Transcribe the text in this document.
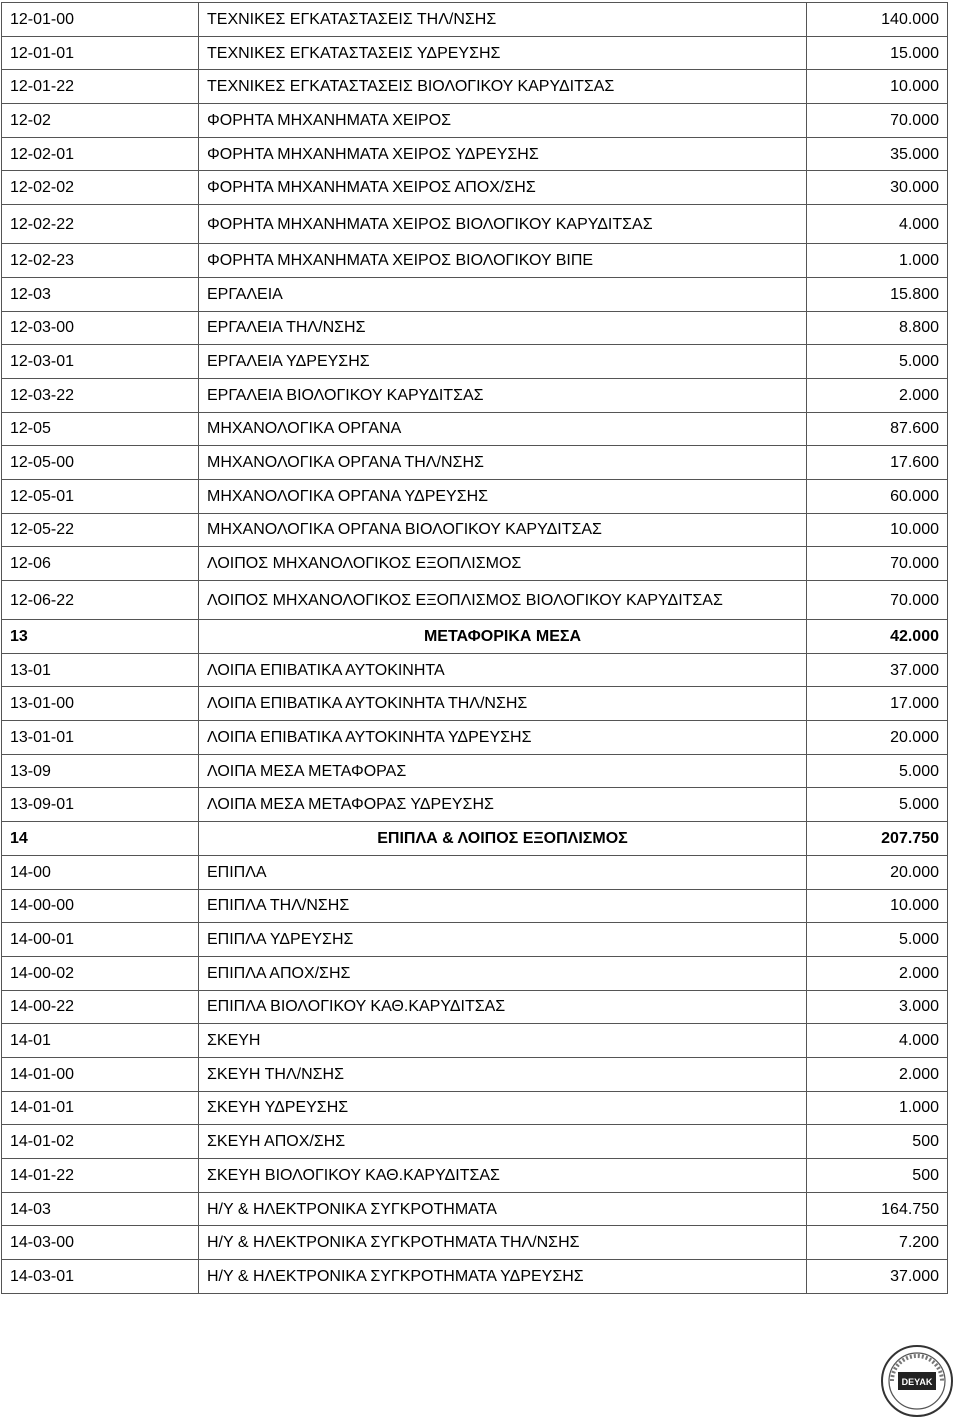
12-01-00	ΤΕΧΝΙΚΕΣ ΕΓΚΑΤΑΣΤΑΣΕΙΣ ΤΗΛ/ΝΣΗΣ	140.000
12-01-01	ΤΕΧΝΙΚΕΣ ΕΓΚΑΤΑΣΤΑΣΕΙΣ ΥΔΡΕΥΣΗΣ	15.000
12-01-22	ΤΕΧΝΙΚΕΣ ΕΓΚΑΤΑΣΤΑΣΕΙΣ ΒΙΟΛΟΓΙΚΟΥ ΚΑΡΥΔΙΤΣΑΣ	10.000
12-02	ΦΟΡΗΤΑ ΜΗΧΑΝΗΜΑΤΑ ΧΕΙΡΟΣ	70.000
12-02-01	ΦΟΡΗΤΑ ΜΗΧΑΝΗΜΑΤΑ ΧΕΙΡΟΣ ΥΔΡΕΥΣΗΣ	35.000
12-02-02	ΦΟΡΗΤΑ ΜΗΧΑΝΗΜΑΤΑ ΧΕΙΡΟΣ ΑΠΟΧ/ΣΗΣ	30.000
12-02-22	ΦΟΡΗΤΑ ΜΗΧΑΝΗΜΑΤΑ ΧΕΙΡΟΣ ΒΙΟΛΟΓΙΚΟΥ ΚΑΡΥΔΙΤΣΑΣ	4.000
12-02-23	ΦΟΡΗΤΑ ΜΗΧΑΝΗΜΑΤΑ ΧΕΙΡΟΣ ΒΙΟΛΟΓΙΚΟΥ ΒΙΠΕ	1.000
12-03	ΕΡΓΑΛΕΙΑ	15.800
12-03-00	ΕΡΓΑΛΕΙΑ ΤΗΛ/ΝΣΗΣ	8.800
12-03-01	ΕΡΓΑΛΕΙΑ ΥΔΡΕΥΣΗΣ	5.000
12-03-22	ΕΡΓΑΛΕΙΑ ΒΙΟΛΟΓΙΚΟΥ ΚΑΡΥΔΙΤΣΑΣ	2.000
12-05	ΜΗΧΑΝΟΛΟΓΙΚΑ ΟΡΓΑΝΑ	87.600
12-05-00	ΜΗΧΑΝΟΛΟΓΙΚΑ ΟΡΓΑΝΑ ΤΗΛ/ΝΣΗΣ	17.600
12-05-01	ΜΗΧΑΝΟΛΟΓΙΚΑ ΟΡΓΑΝΑ ΥΔΡΕΥΣΗΣ	60.000
12-05-22	ΜΗΧΑΝΟΛΟΓΙΚΑ ΟΡΓΑΝΑ ΒΙΟΛΟΓΙΚΟΥ ΚΑΡΥΔΙΤΣΑΣ	10.000
12-06	ΛΟΙΠΟΣ ΜΗΧΑΝΟΛΟΓΙΚΟΣ ΕΞΟΠΛΙΣΜΟΣ	70.000
12-06-22	ΛΟΙΠΟΣ ΜΗΧΑΝΟΛΟΓΙΚΟΣ ΕΞΟΠΛΙΣΜΟΣ ΒΙΟΛΟΓΙΚΟΥ ΚΑΡΥΔΙΤΣΑΣ	70.000
13	ΜΕΤΑΦΟΡΙΚΑ ΜΕΣΑ	42.000
13-01	ΛΟΙΠΑ ΕΠΙΒΑΤΙΚΑ ΑΥΤΟΚΙΝΗΤΑ	37.000
13-01-00	ΛΟΙΠΑ ΕΠΙΒΑΤΙΚΑ ΑΥΤΟΚΙΝΗΤΑ ΤΗΛ/ΝΣΗΣ	17.000
13-01-01	ΛΟΙΠΑ ΕΠΙΒΑΤΙΚΑ ΑΥΤΟΚΙΝΗΤΑ ΥΔΡΕΥΣΗΣ	20.000
13-09	ΛΟΙΠΑ ΜΕΣΑ ΜΕΤΑΦΟΡΑΣ	5.000
13-09-01	ΛΟΙΠΑ ΜΕΣΑ ΜΕΤΑΦΟΡΑΣ ΥΔΡΕΥΣΗΣ	5.000
14	ΕΠΙΠΛΑ & ΛΟΙΠΟΣ ΕΞΟΠΛΙΣΜΟΣ	207.750
14-00	ΕΠΙΠΛΑ	20.000
14-00-00	ΕΠΙΠΛΑ ΤΗΛ/ΝΣΗΣ	10.000
14-00-01	ΕΠΙΠΛΑ ΥΔΡΕΥΣΗΣ	5.000
14-00-02	ΕΠΙΠΛΑ ΑΠΟΧ/ΣΗΣ	2.000
14-00-22	ΕΠΙΠΛΑ ΒΙΟΛΟΓΙΚΟΥ ΚΑΘ.ΚΑΡΥΔΙΤΣΑΣ	3.000
14-01	ΣΚΕΥΗ	4.000
14-01-00	ΣΚΕΥΗ ΤΗΛ/ΝΣΗΣ	2.000
14-01-01	ΣΚΕΥΗ ΥΔΡΕΥΣΗΣ	1.000
14-01-02	ΣΚΕΥΗ ΑΠΟΧ/ΣΗΣ	500
14-01-22	ΣΚΕΥΗ ΒΙΟΛΟΓΙΚΟΥ ΚΑΘ.ΚΑΡΥΔΙΤΣΑΣ	500
14-03	Η/Υ & ΗΛΕΚΤΡΟΝΙΚΑ ΣΥΓΚΡΟΤΗΜΑΤΑ	164.750
14-03-00	Η/Υ & ΗΛΕΚΤΡΟΝΙΚΑ ΣΥΓΚΡΟΤΗΜΑΤΑ ΤΗΛ/ΝΣΗΣ	7.200
14-03-01	Η/Υ & ΗΛΕΚΤΡΟΝΙΚΑ ΣΥΓΚΡΟΤΗΜΑΤΑ ΥΔΡΕΥΣΗΣ	37.000
DEYAK
